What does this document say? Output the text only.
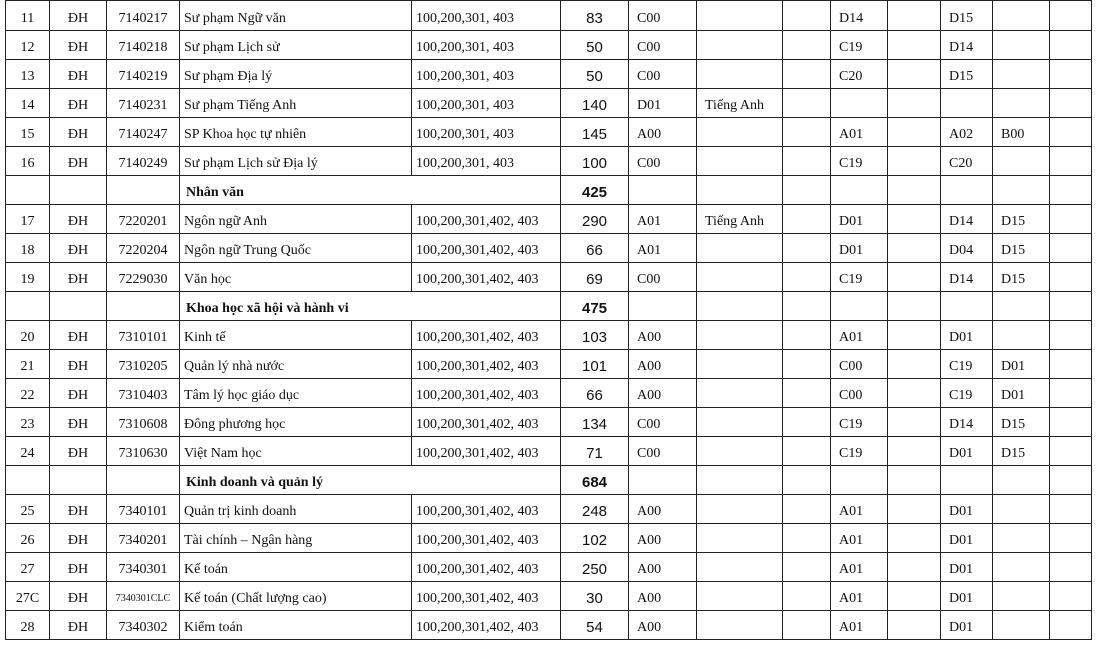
11	ĐH	7140217	Sư phạm Ngữ văn	100,200,301, 403	83	C00			D14		D15		
12	ĐH	7140218	Sư phạm Lịch sử	100,200,301, 403	50	C00			C19		D14		
13	ĐH	7140219	Sư phạm Địa lý	100,200,301, 403	50	C00			C20		D15		
14	ĐH	7140231	Sư phạm Tiếng Anh	100,200,301, 403	140	D01	Tiếng Anh						
15	ĐH	7140247	SP Khoa học tự nhiên	100,200,301, 403	145	A00			A01		A02	B00	
16	ĐH	7140249	Sư phạm Lịch sử Địa lý	100,200,301, 403	100	C00			C19		C20		
			Nhân văn		425								
17	ĐH	7220201	Ngôn ngữ Anh	100,200,301,402, 403	290	A01	Tiếng Anh		D01		D14	D15	
18	ĐH	7220204	Ngôn ngữ Trung Quốc	100,200,301,402, 403	66	A01			D01		D04	D15	
19	ĐH	7229030	Văn học	100,200,301,402, 403	69	C00			C19		D14	D15	
			Khoa học xã hội và hành vi		475								
20	ĐH	7310101	Kinh tế	100,200,301,402, 403	103	A00			A01		D01		
21	ĐH	7310205	Quản lý nhà nước	100,200,301,402, 403	101	A00			C00		C19	D01	
22	ĐH	7310403	Tâm lý học giáo dục	100,200,301,402, 403	66	A00			C00		C19	D01	
23	ĐH	7310608	Đông phương học	100,200,301,402, 403	134	C00			C19		D14	D15	
24	ĐH	7310630	Việt Nam học	100,200,301,402, 403	71	C00			C19		D01	D15	
			Kinh doanh và quản lý		684								
25	ĐH	7340101	Quản trị kinh doanh	100,200,301,402, 403	248	A00			A01		D01		
26	ĐH	7340201	Tài chính – Ngân hàng	100,200,301,402, 403	102	A00			A01		D01		
27	ĐH	7340301	Kế toán	100,200,301,402, 403	250	A00			A01		D01		
27C	ĐH	7340301CLC	Kế toán (Chất lượng cao)	100,200,301,402, 403	30	A00			A01		D01		
28	ĐH	7340302	Kiểm toán	100,200,301,402, 403	54	A00			A01		D01		
